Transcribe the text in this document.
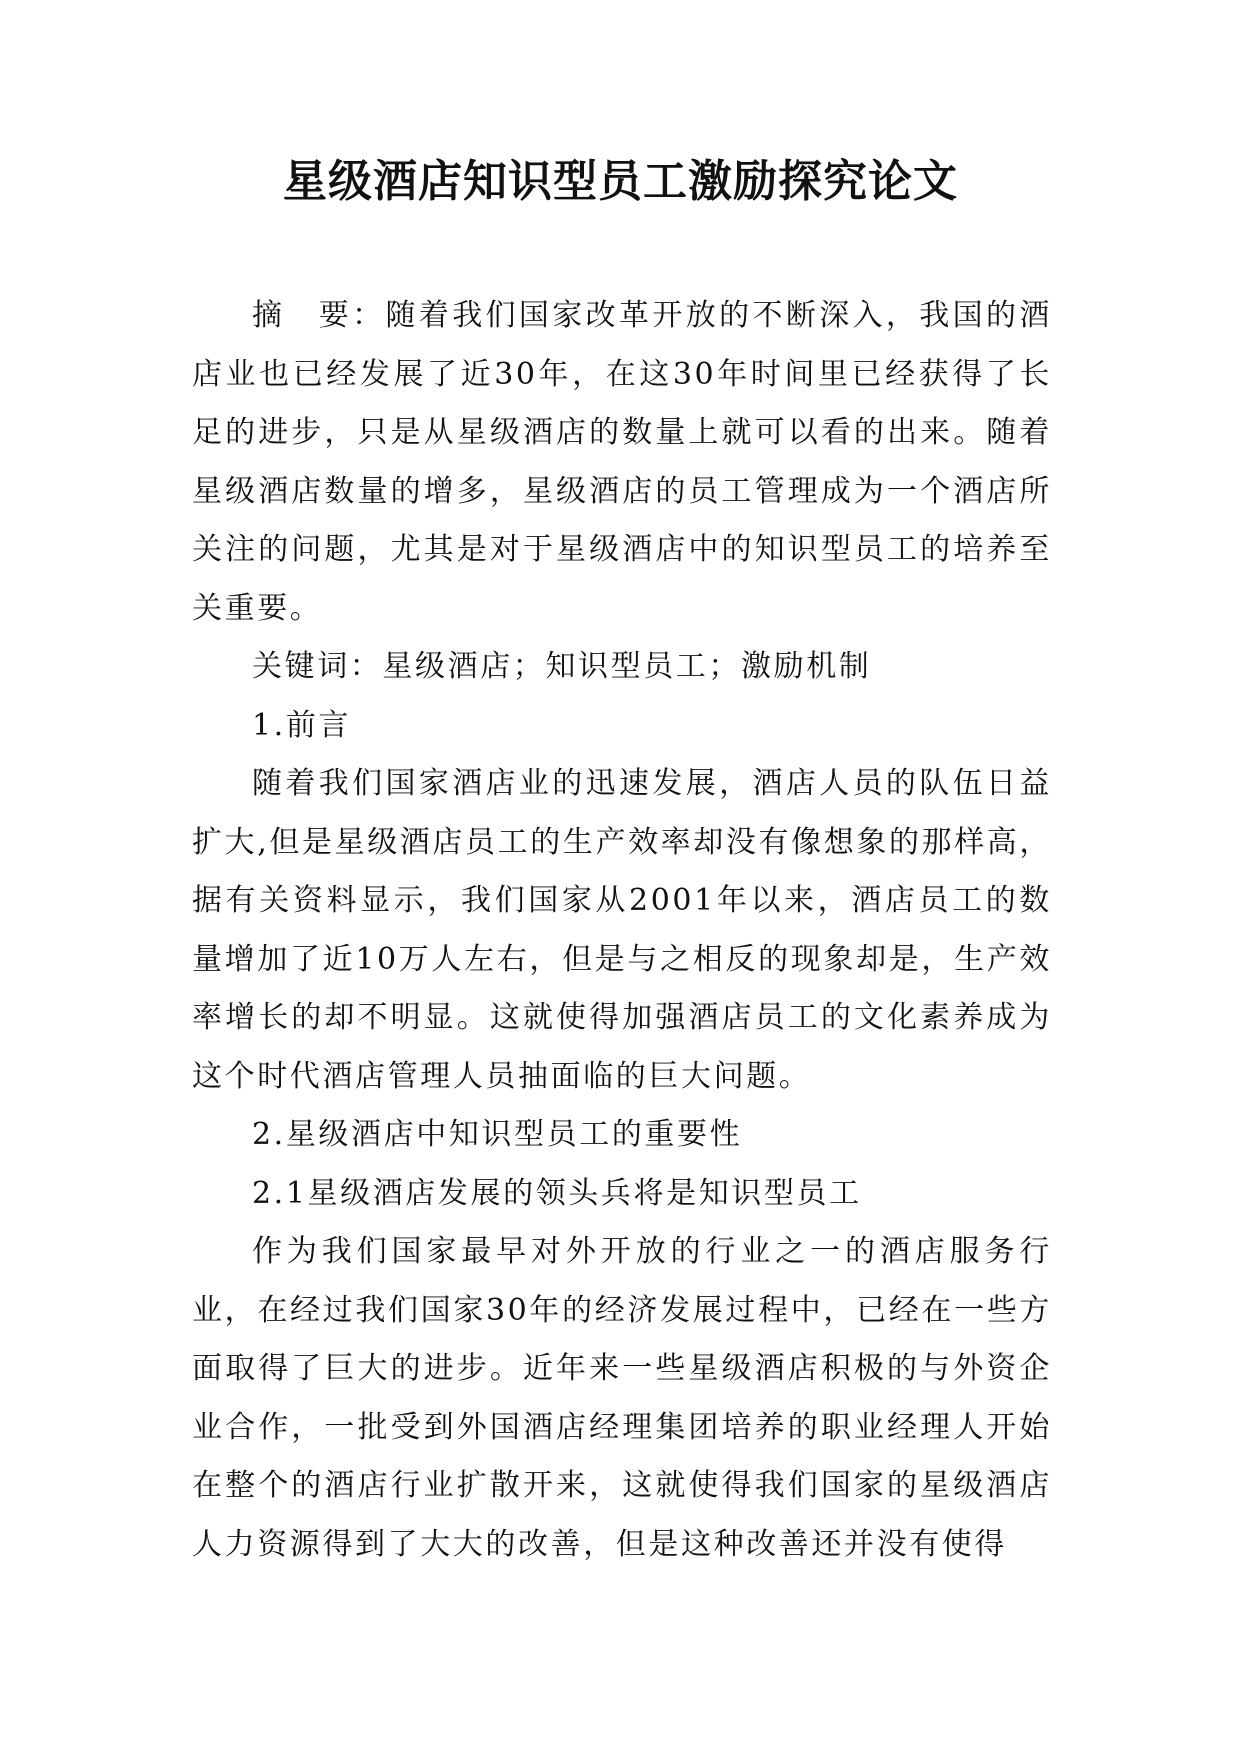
星级酒店知识型员工激励探究论文

摘　要：随着我们国家改革开放的不断深入，我国的酒店业也已经发展了近30年，在这30年时间里已经获得了长足的进步，只是从星级酒店的数量上就可以看的出来。随着星级酒店数量的增多，星级酒店的员工管理成为一个酒店所关注的问题，尤其是对于星级酒店中的知识型员工的培养至关重要。

关键词：星级酒店；知识型员工；激励机制

1.前言

随着我们国家酒店业的迅速发展，酒店人员的队伍日益扩大,但是星级酒店员工的生产效率却没有像想象的那样高，据有关资料显示，我们国家从2001年以来，酒店员工的数量增加了近10万人左右，但是与之相反的现象却是，生产效率增长的却不明显。这就使得加强酒店员工的文化素养成为这个时代酒店管理人员抽面临的巨大问题。

2.星级酒店中知识型员工的重要性

2.1星级酒店发展的领头兵将是知识型员工

作为我们国家最早对外开放的行业之一的酒店服务行业，在经过我们国家30年的经济发展过程中，已经在一些方面取得了巨大的进步。近年来一些星级酒店积极的与外资企业合作，一批受到外国酒店经理集团培养的职业经理人开始在整个的酒店行业扩散开来，这就使得我们国家的星级酒店人力资源得到了大大的改善，但是这种改善还并没有使得
